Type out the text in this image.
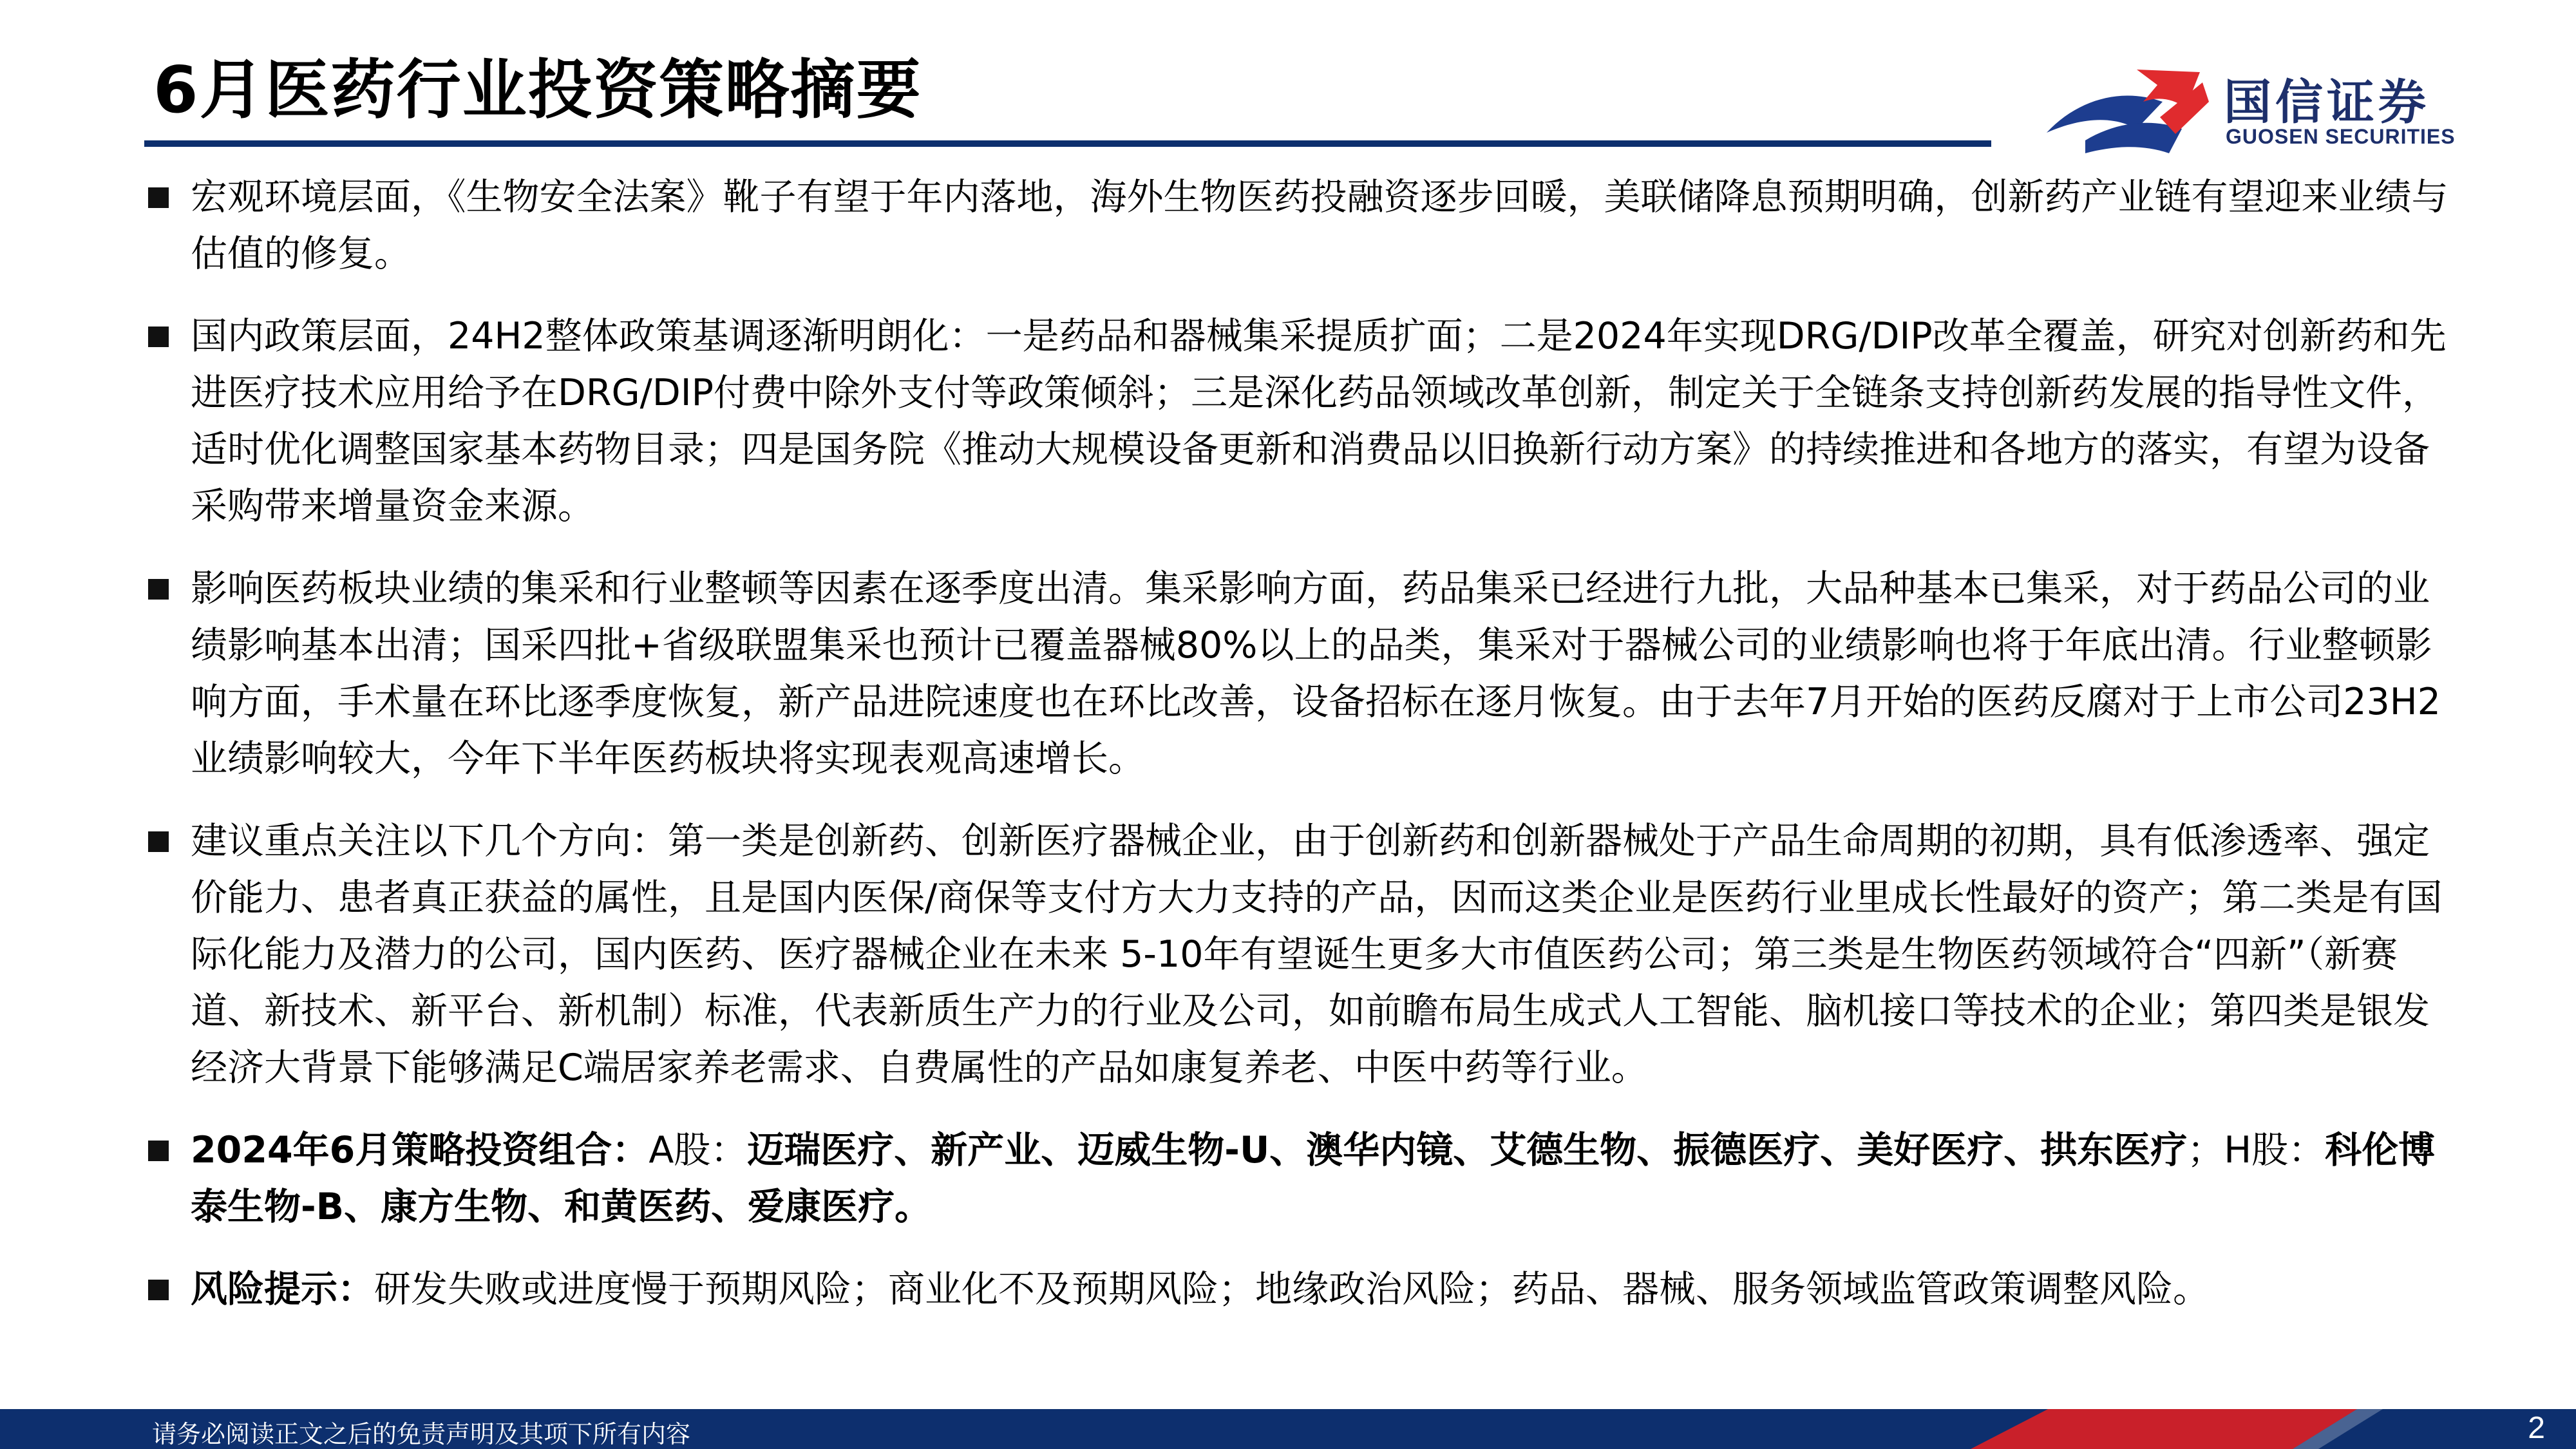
6月医药行业投资策略摘要	国信证券
GUOSEN SECURITIES

宏观环境层面，《生物安全法案》靴子有望于年内落地，海外生物医药投融资逐步回暖，美联储降息预期明确，创新药产业链有望迎来业绩与估值的修复。

国内政策层面，24H2整体政策基调逐渐明朗化：一是药品和器械集采提质扩面；二是2024年实现DRG/DIP改革全覆盖，研究对创新药和先进医疗技术应用给予在DRG/DIP付费中除外支付等政策倾斜；三是深化药品领域改革创新，制定关于全链条支持创新药发展的指导性文件，适时优化调整国家基本药物目录；四是国务院《推动大规模设备更新和消费品以旧换新行动方案》的持续推进和各地方的落实，有望为设备采购带来增量资金来源。

影响医药板块业绩的集采和行业整顿等因素在逐季度出清。集采影响方面，药品集采已经进行九批，大品种基本已集采，对于药品公司的业绩影响基本出清；国采四批+省级联盟集采也预计已覆盖器械80%以上的品类，集采对于器械公司的业绩影响也将于年底出清。行业整顿影响方面，手术量在环比逐季度恢复，新产品进院速度也在环比改善，设备招标在逐月恢复。由于去年7月开始的医药反腐对于上市公司23H2业绩影响较大，今年下半年医药板块将实现表观高速增长。

建议重点关注以下几个方向：第一类是创新药、创新医疗器械企业，由于创新药和创新器械处于产品生命周期的初期，具有低渗透率、强定价能力、患者真正获益的属性，且是国内医保/商保等支付方大力支持的产品，因而这类企业是医药行业里成长性最好的资产；第二类是有国际化能力及潜力的公司，国内医药、医疗器械企业在未来 5-10年有望诞生更多大市值医药公司；第三类是生物医药领域符合“四新”（新赛道、新技术、新平台、新机制）标准，代表新质生产力的行业及公司，如前瞻布局生成式人工智能、脑机接口等技术的企业；第四类是银发经济大背景下能够满足C端居家养老需求、自费属性的产品如康复养老、中医中药等行业。

2024年6月策略投资组合：A股：迈瑞医疗、新产业、迈威生物-U、澳华内镜、艾德生物、振德医疗、美好医疗、拱东医疗；H股：科伦博泰生物-B、康方生物、和黄医药、爱康医疗。

风险提示：研发失败或进度慢于预期风险；商业化不及预期风险；地缘政治风险；药品、器械、服务领域监管政策调整风险。

请务必阅读正文之后的免责声明及其项下所有内容	2
